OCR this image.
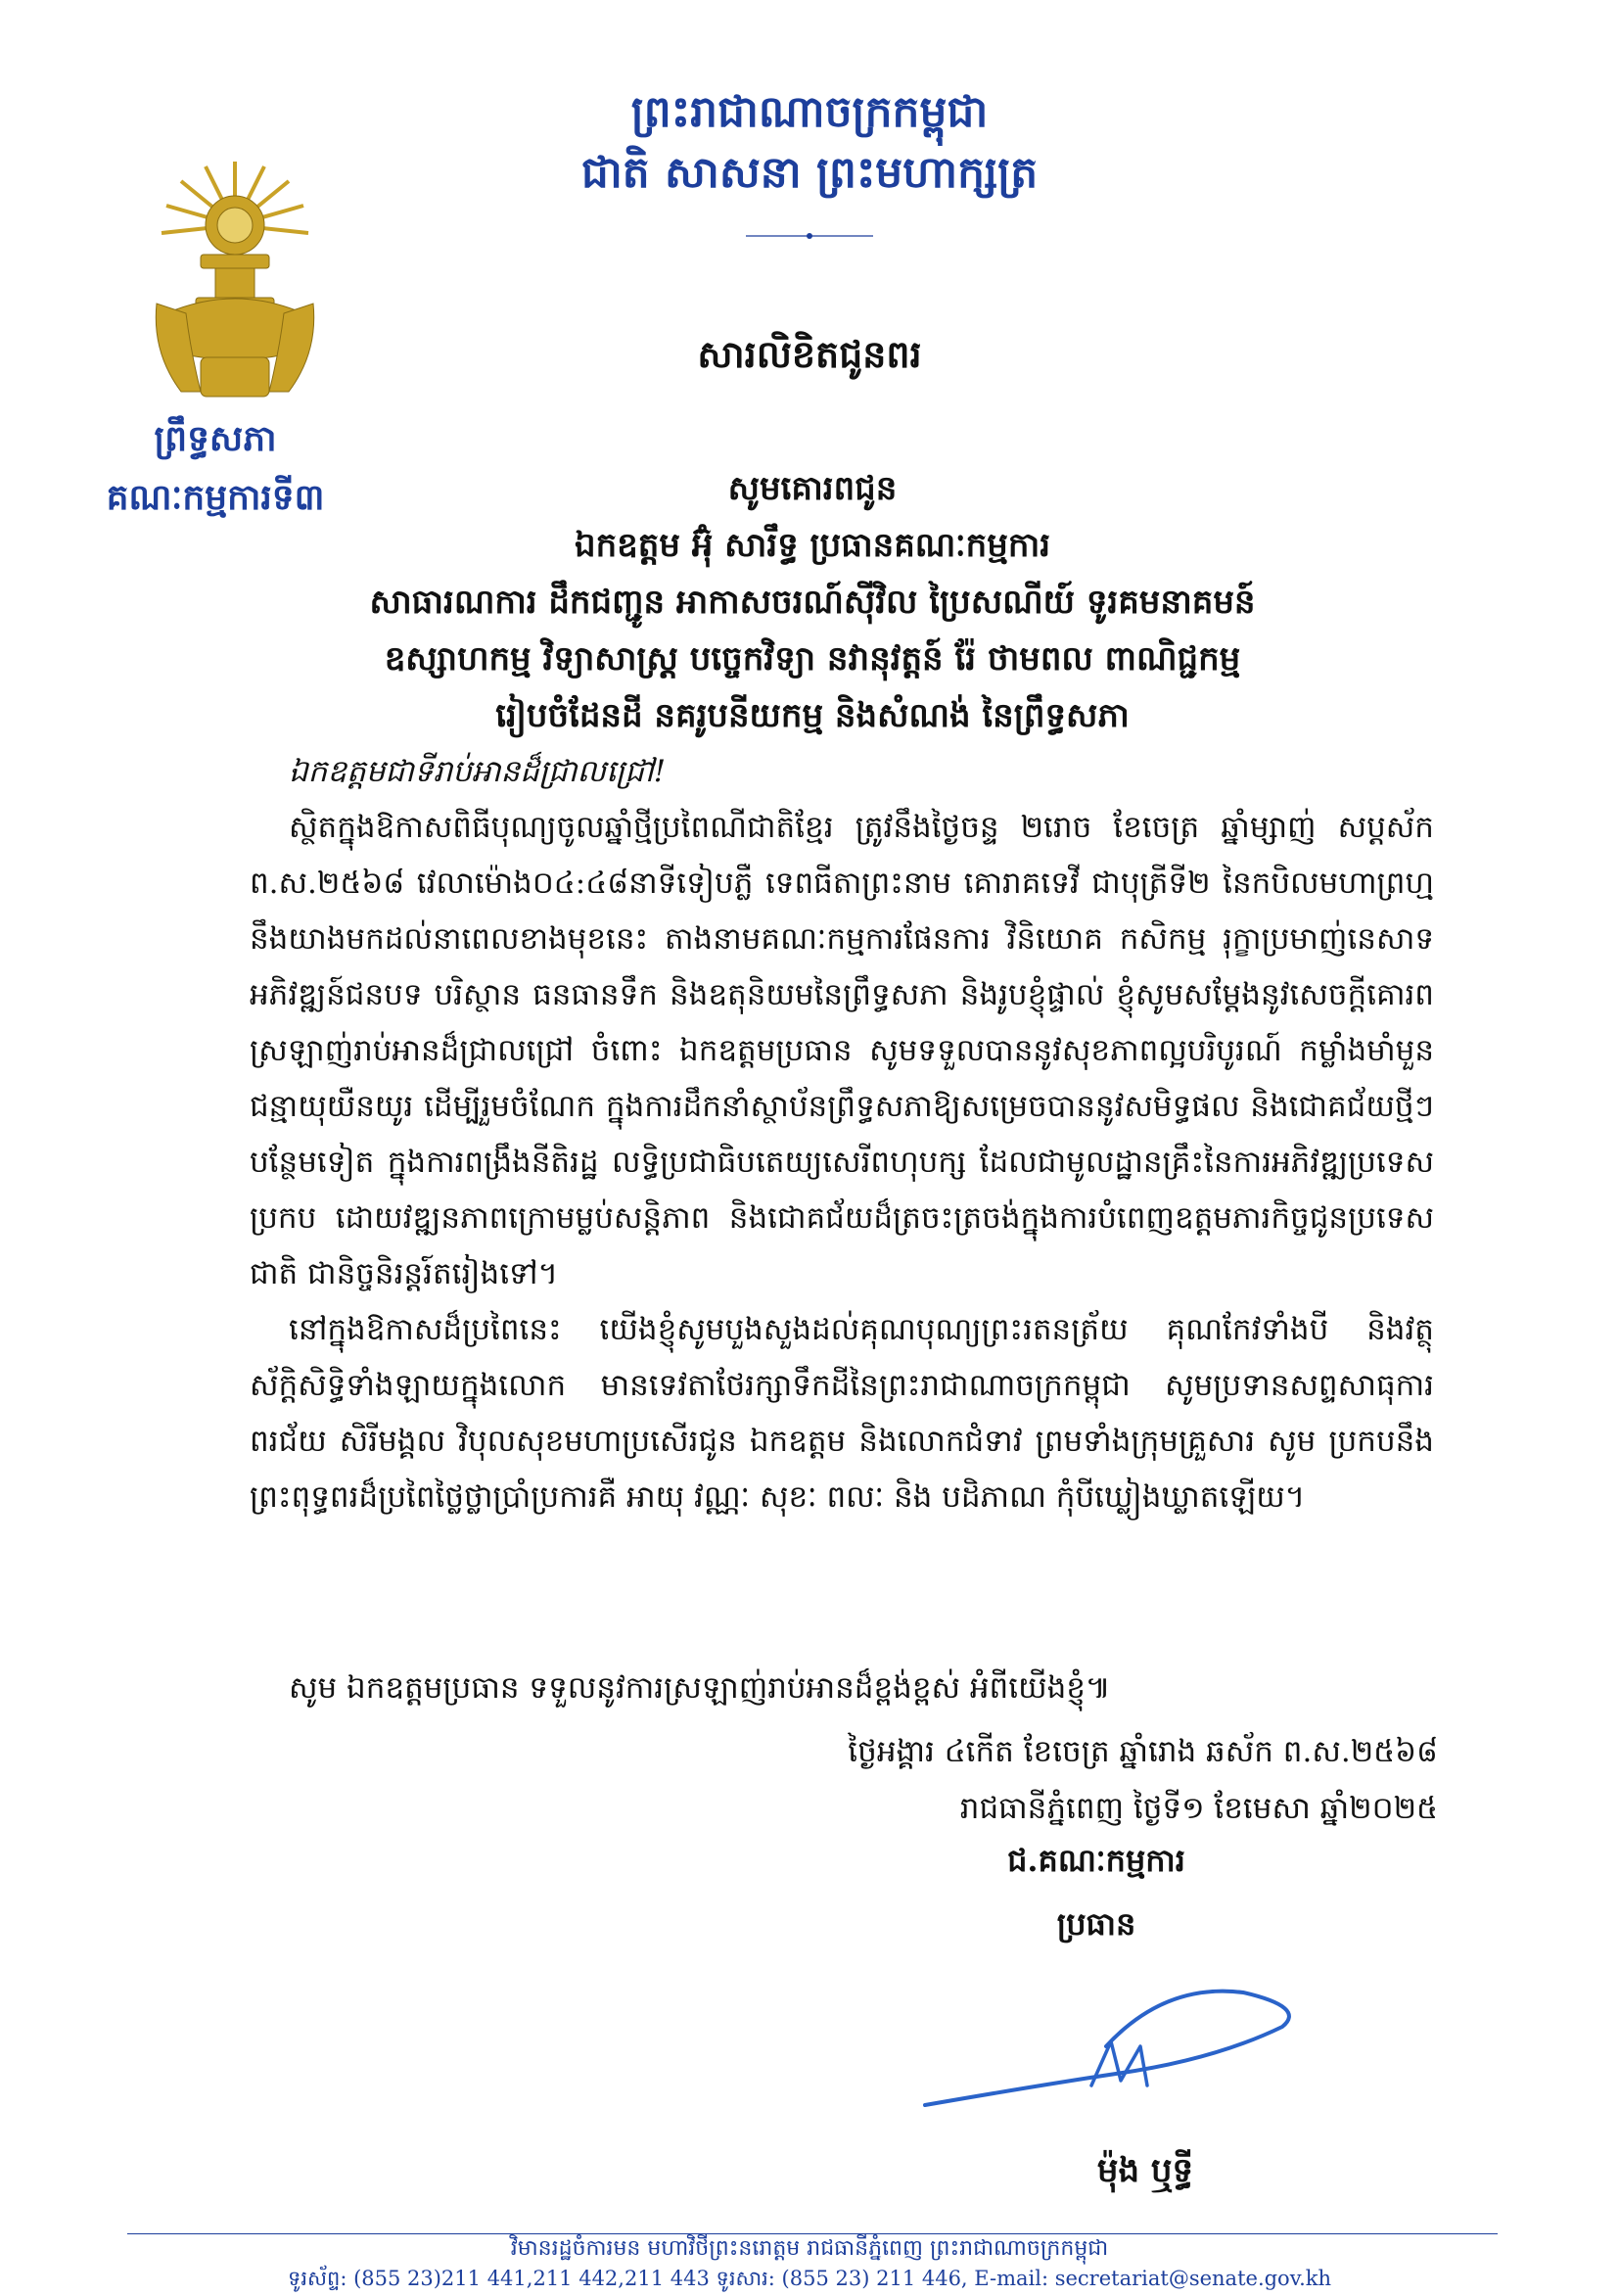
ព្រះរាជាណាចក្រកម្ពុជា
ជាតិ សាសនា ព្រះមហាក្សត្រ
ព្រឹទ្ធសភា
គណៈកម្មការទី៣
សារលិខិតជូនពរ
សូមគោរពជូន
ឯកឧត្តម អ៊ុំ សារឹទ្ធ ប្រធានគណៈកម្មការ
សាធារណការ ដឹកជញ្ជូន អាកាសចរណ៍ស៊ីវិល ប្រៃសណីយ៍ ទូរគមនាគមន៍
ឧស្សាហកម្ម វិទ្យាសាស្ត្រ បច្ចេកវិទ្យា នវានុវត្តន៍ រ៉ែ ថាមពល ពាណិជ្ជកម្ម
រៀបចំដែនដី នគរូបនីយកម្ម និងសំណង់ នៃព្រឹទ្ធសភា

ឯកឧត្តមជាទីរាប់អានដ៏ជ្រាលជ្រៅ!

ស្ថិតក្នុងឱកាសពិធីបុណ្យចូលឆ្នាំថ្មីប្រពៃណីជាតិខ្មែរ ត្រូវនឹងថ្ងៃចន្ទ ២រោច ខែចេត្រ ឆ្នាំម្សាញ់ សប្តស័ក ព.ស.២៥៦៨ វេលាម៉ោង០៤:៤៨នាទីទៀបភ្លឺ ទេពធីតាព្រះនាម គោរាគទេវី ជាបុត្រីទី២ នៃកបិលមហាព្រហ្ម នឹងយាងមកដល់នាពេលខាងមុខនេះ តាងនាមគណៈកម្មការផែនការ វិនិយោគ កសិកម្ម រុក្ខាប្រមាញ់នេសាទ អភិវឌ្ឍន៍ជនបទ បរិស្ថាន ធនធានទឹក និងឧតុនិយមនៃព្រឹទ្ធសភា និងរូបខ្ញុំផ្ទាល់ ខ្ញុំសូមសម្តែងនូវសេចក្តីគោរពស្រឡាញ់រាប់អានដ៏ជ្រាលជ្រៅ ចំពោះ ឯកឧត្តមប្រធាន សូមទទួលបាននូវសុខភាពល្អបរិបូរណ៍ កម្លាំងមាំមួន ជន្មាយុយឺនយូរ ដើម្បីរួមចំណែក ក្នុងការដឹកនាំស្ថាប័នព្រឹទ្ធសភាឱ្យសម្រេចបាននូវសមិទ្ធផល និងជោគជ័យថ្មីៗបន្ថែមទៀត ក្នុងការពង្រឹងនីតិរដ្ឋ លទ្ធិប្រជាធិបតេយ្យសេរីពហុបក្ស ដែលជាមូលដ្ឋានគ្រឹះនៃការអភិវឌ្ឍប្រទេសប្រកប ដោយវឌ្ឍនភាពក្រោមម្លប់សន្តិភាព និងជោគជ័យដ៏ត្រចះត្រចង់ក្នុងការបំពេញឧត្តមភារកិច្ចជូនប្រទេសជាតិ ជានិច្ចនិរន្តរ៍តរៀងទៅ។

នៅក្នុងឱកាសដ៏ប្រពៃនេះ យើងខ្ញុំសូមបួងសួងដល់គុណបុណ្យព្រះរតនត្រ័យ គុណកែវទាំងបី និងវត្ថុស័ក្តិសិទ្ធិទាំងឡាយក្នុងលោក មានទេវតាថែរក្សាទឹកដីនៃព្រះរាជាណាចក្រកម្ពុជា សូមប្រទានសព្ទសាធុការ ពរជ័យ សិរីមង្គល វិបុលសុខមហាប្រសើរជូន ឯកឧត្តម និងលោកជំទាវ ព្រមទាំងក្រុមគ្រួសារ សូម ប្រកបនឹងព្រះពុទ្ធពរដ៏ប្រពៃថ្លៃថ្លាប្រាំប្រការគឺ អាយុ វណ្ណៈ សុខៈ ពលៈ និង បដិភាណ កុំបីឃ្លៀងឃ្លាតឡើយ។

សូម ឯកឧត្តមប្រធាន ទទួលនូវការស្រឡាញ់រាប់អានដ៏ខ្ពង់ខ្ពស់ អំពីយើងខ្ញុំ៕

ថ្ងៃអង្គារ ៤កើត ខែចេត្រ ឆ្នាំរោង ឆស័ក ព.ស.២៥៦៨
រាជធានីភ្នំពេញ ថ្ងៃទី១ ខែមេសា ឆ្នាំ២០២៥
ជ.គណៈកម្មការ
ប្រធាន
ម៉ុង ឬទ្ធី
វិមានរដ្ឋចំការមន មហាវិថីព្រះនរោត្តម រាជធានីភ្នំពេញ ព្រះរាជាណាចក្រកម្ពុជា
ទូរស័ព្ទ: (855 23)211 441,211 442,211 443 ទូរសារ: (855 23) 211 446, E-mail: secretariat@senate.gov.kh
